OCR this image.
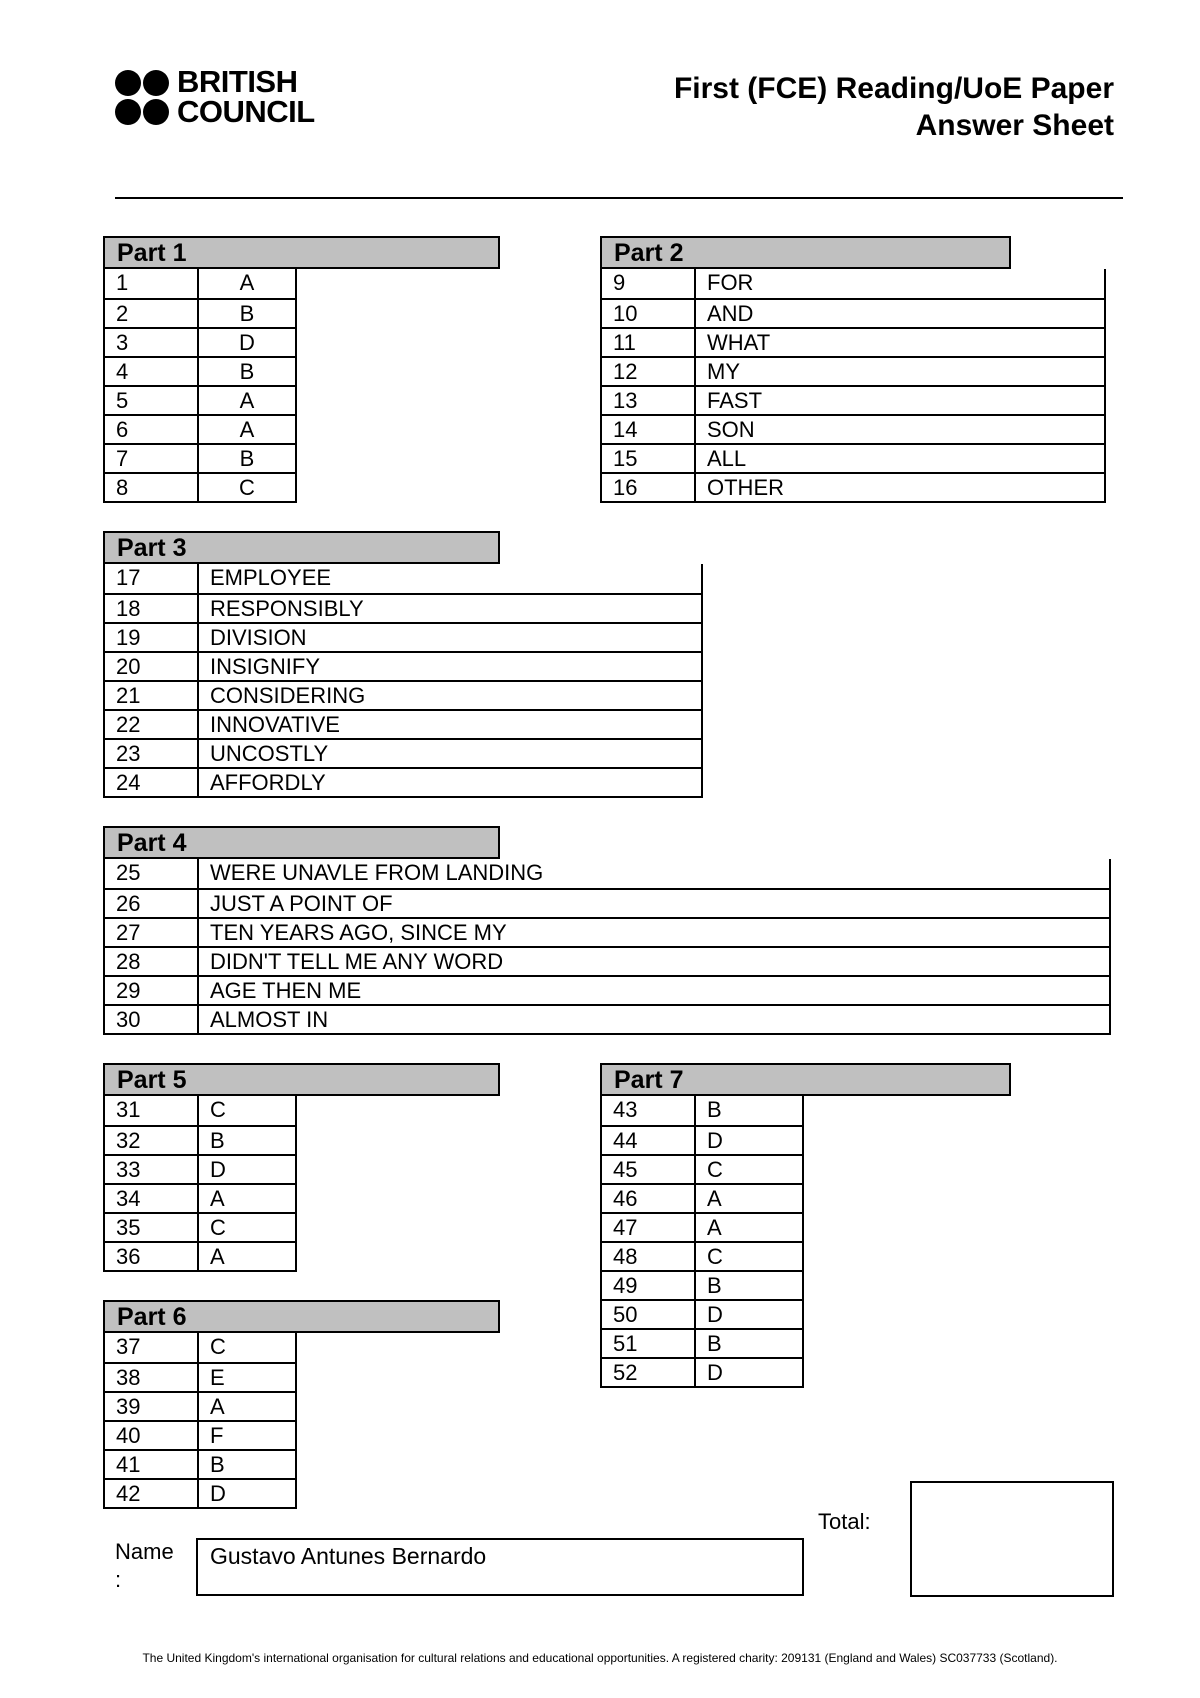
BRITISH
COUNCIL
First (FCE) Reading/UoE Paper
Answer Sheet
Part 1
1	A
2	B
3	D
4	B
5	A
6	A
7	B
8	C
Part 2
9	FOR
10	AND
11	WHAT
12	MY
13	FAST
14	SON
15	ALL
16	OTHER
Part 3
17	EMPLOYEE
18	RESPONSIBLY
19	DIVISION
20	INSIGNIFY
21	CONSIDERING
22	INNOVATIVE
23	UNCOSTLY
24	AFFORDLY
Part 4
25	WERE UNAVLE FROM LANDING
26	JUST A POINT OF
27	TEN YEARS AGO, SINCE MY
28	DIDN'T TELL ME ANY WORD
29	AGE THEN ME
30	ALMOST IN
Part 5
31	C
32	B
33	D
34	A
35	C
36	A
Part 6
37	C
38	E
39	A
40	F
41	B
42	D
Part 7
43	B
44	D
45	C
46	A
47	A
48	C
49	B
50	D
51	B
52	D
Name :
Gustavo Antunes Bernardo
Total:
The United Kingdom's international organisation for cultural relations and educational opportunities. A registered charity: 209131 (England and Wales) SC037733 (Scotland).
